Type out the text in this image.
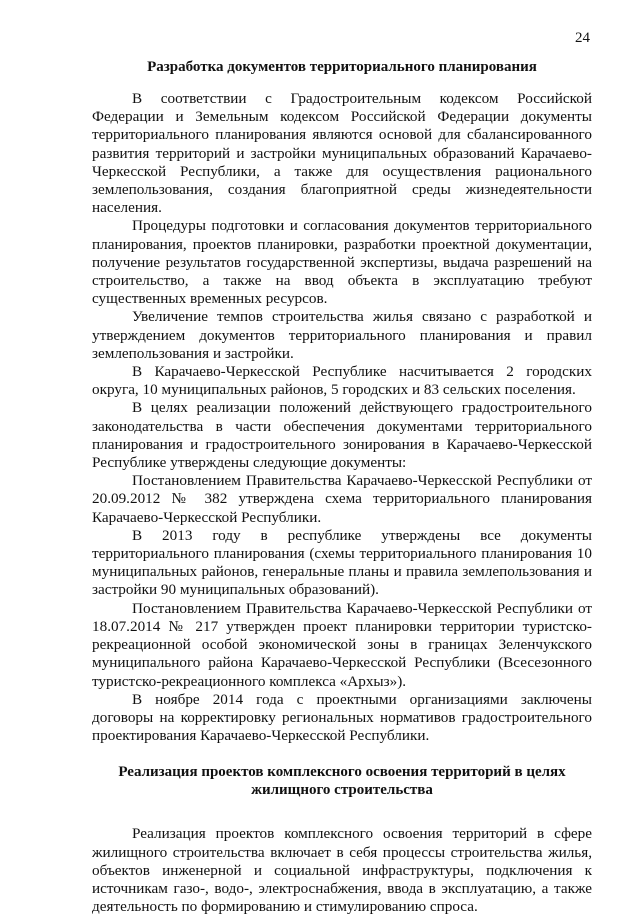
24
Разработка документов территориального планирования

В соответствии с Градостроительным кодексом Российской Федерации и Земельным кодексом Российской Федерации документы территориального планирования являются основой для сбалансированного развития территорий и застройки муниципальных образований Карачаево-Черкесской Республики, а также для осуществления рационального землепользования, создания благоприятной среды жизнедеятельности населения.

Процедуры подготовки и согласования документов территориального планирования, проектов планировки, разработки проектной документации, получение результатов государственной экспертизы, выдача разрешений на строительство, а также на ввод объекта в эксплуатацию требуют существенных временных ресурсов.

Увеличение темпов строительства жилья связано с разработкой и утверждением документов территориального планирования и правил землепользования и застройки.

В Карачаево-Черкесской Республике насчитывается 2 городских округа, 10 муниципальных районов, 5 городских и 83 сельских поселения.

В целях реализации положений действующего градостроительного законодательства в части обеспечения документами территориального планирования и градостроительного зонирования в Карачаево-Черкесской Республике утверждены следующие документы:

Постановлением Правительства Карачаево-Черкесской Республики от 20.09.2012 № 382 утверждена схема территориального планирования Карачаево-Черкесской Республики.

В 2013 году в республике утверждены все документы территориального планирования (схемы территориального планирования 10 муниципальных районов, генеральные планы и правила землепользования и застройки 90 муниципальных образований).

Постановлением Правительства Карачаево-Черкесской Республики от 18.07.2014 № 217 утвержден проект планировки территории туристско-рекреационной особой экономической зоны в границах Зеленчукского муниципального района Карачаево-Черкесской Республики (Всесезонного туристско-рекреационного комплекса «Архыз»).

В ноябре 2014 года с проектными организациями заключены договоры на корректировку региональных нормативов градостроительного проектирования Карачаево-Черкесской Республики.

Реализация проектов комплексного освоения территорий в целях
жилищного строительства

Реализация проектов комплексного освоения территорий в сфере жилищного строительства включает в себя процессы строительства жилья, объектов инженерной и социальной инфраструктуры, подключения к источникам газо-, водо-, электроснабжения, ввода в эксплуатацию, а также деятельность по формированию и стимулированию спроса.
